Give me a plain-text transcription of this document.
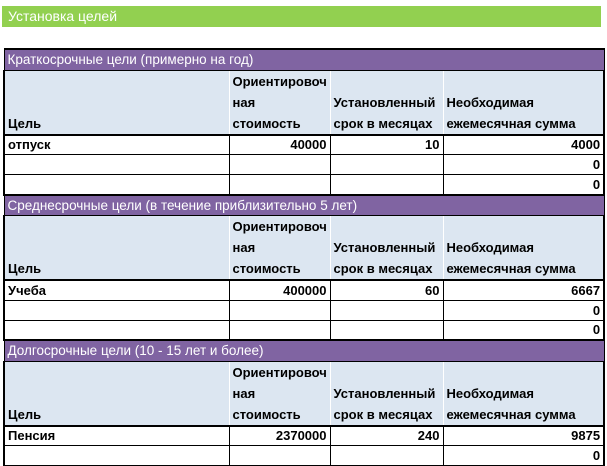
Установка целей
Краткосрочные цели (примерно на год)			
Цель	Ориентировоч ная стоимость	Установленный срок в месяцах	Необходимая ежемесячная сумма
отпуск	40000	10	4000
			0
			0
Среднесрочные цели (в течение приблизительно 5 лет)			
Цель	Ориентировоч ная стоимость	Установленный срок в месяцах	Необходимая ежемесячная сумма
Учеба	400000	60	6667
			0
			0
Долгосрочные цели (10 - 15 лет и более)			
Цель	Ориентировоч ная стоимость	Установленный срок в месяцах	Необходимая ежемесячная сумма
Пенсия	2370000	240	9875
			0
